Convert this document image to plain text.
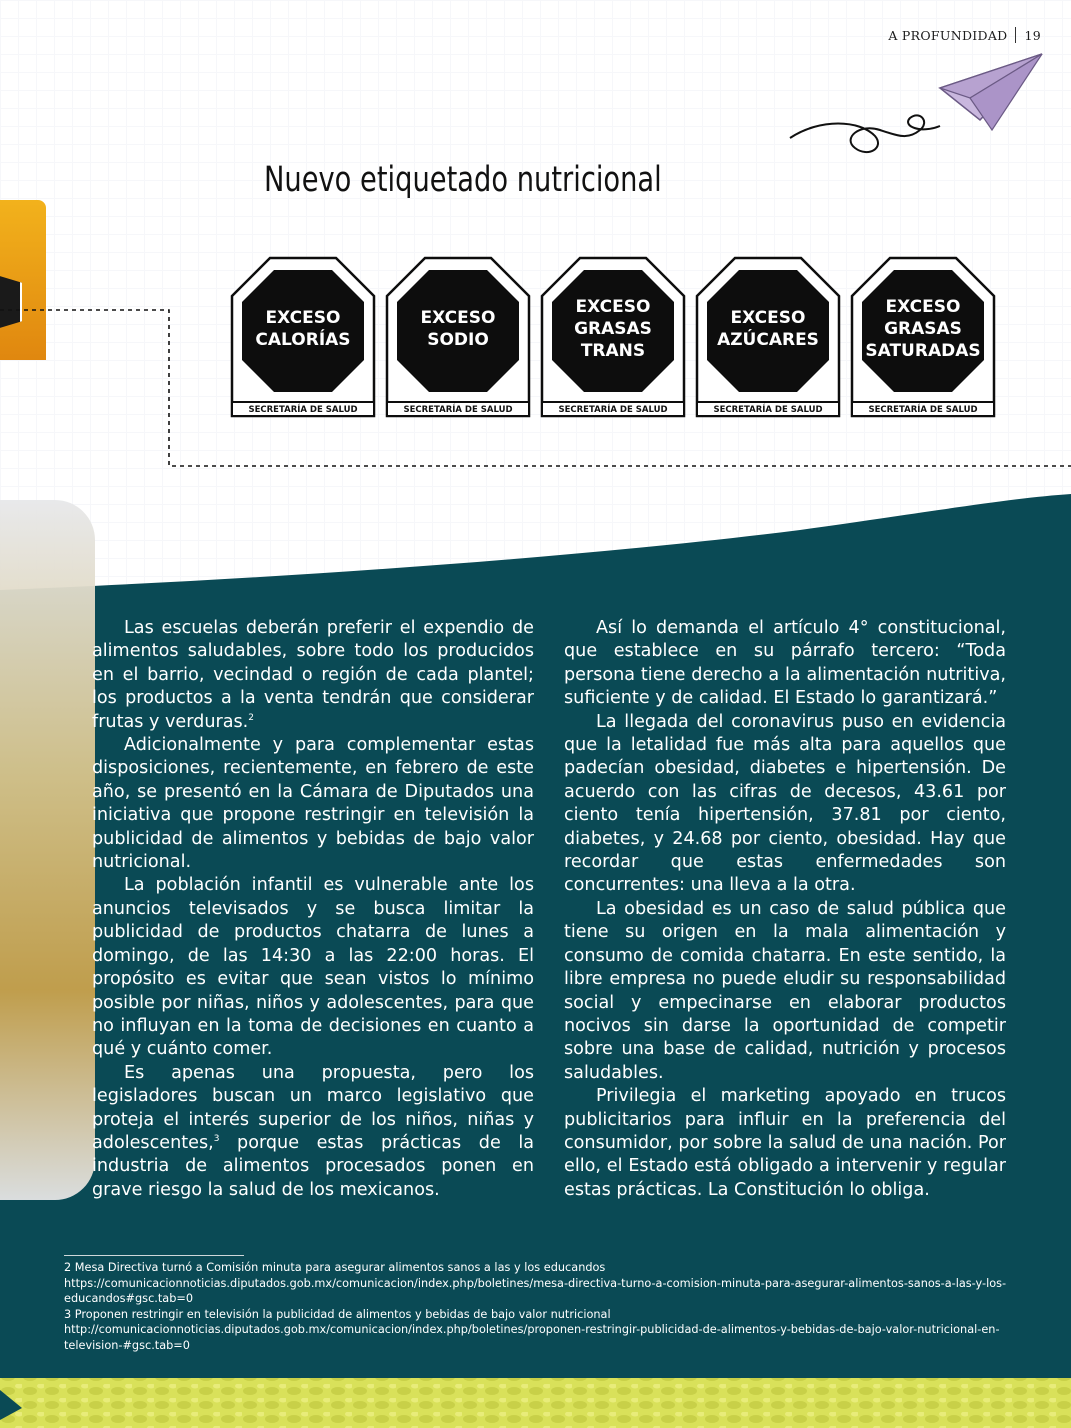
A PROFUNDIDAD 19
Nuevo etiquetado nutricional
EXCESO
CALORÍAS
SECRETARÍA DE SALUD
EXCESO
SODIO
SECRETARÍA DE SALUD
EXCESO
GRASAS
TRANS
SECRETARÍA DE SALUD
EXCESO
AZÚCARES
SECRETARÍA DE SALUD
EXCESO
GRASAS
SATURADAS
SECRETARÍA DE SALUD

Las escuelas deberán preferir el expendio de alimentos saludables, sobre todo los producidos en el barrio, vecindad o región de cada plantel; los productos a la venta tendrán que considerar frutas y verduras.$^2$

Adicionalmente y para complementar estas disposiciones, recientemente, en febrero de este año, se presentó en la Cámara de Diputados una iniciativa que propone restringir en televisión la publicidad de alimentos y bebidas de bajo valor nutricional.

La población infantil es vulnerable ante los anuncios televisados y se busca limitar la publicidad de productos chatarra de lunes a domingo, de las 14:30 a las 22:00 horas. El propósito es evitar que sean vistos lo mínimo posible por niñas, niños y adolescentes, para que no influyan en la toma de decisiones en cuanto a qué y cuánto comer.

Es apenas una propuesta, pero los legisladores buscan un marco legislativo que proteja el interés superior de los niños, niñas y adolescentes,$^3$ porque estas prácticas de la industria de alimentos procesados ponen en grave riesgo la salud de los mexicanos.

Así lo demanda el artículo 4° constitucional, que establece en su párrafo tercero: “Toda persona tiene derecho a la alimentación nutritiva, suficiente y de calidad. El Estado lo garantizará.”

La llegada del coronavirus puso en evidencia que la letalidad fue más alta para aquellos que padecían obesidad, diabetes e hipertensión. De acuerdo con las cifras de decesos, 43.61 por ciento tenía hipertensión, 37.81 por ciento, diabetes, y 24.68 por ciento, obesidad. Hay que recordar que estas enfermedades son concurrentes: una lleva a la otra.

La obesidad es un caso de salud pública que tiene su origen en la mala alimentación y consumo de comida chatarra. En este sentido, la libre empresa no puede eludir su responsabilidad social y empecinarse en elaborar productos nocivos sin darse la oportunidad de competir sobre una base de calidad, nutrición y procesos saludables.

Privilegia el marketing apoyado en trucos publicitarios para influir en la preferencia del consumidor, por sobre la salud de una nación. Por ello, el Estado está obligado a intervenir y regular estas prácticas. La Constitución lo obliga.

2 Mesa Directiva turnó a Comisión minuta para asegurar alimentos sanos a las y los educandos https://comunicacionnoticias.diputados.gob.mx/comunicacion/index.php/boletines/mesa-directiva-turno-a-comision-minuta-para-asegurar-alimentos-sanos-a-las-y-los-educandos#gsc.tab=0

3 Proponen restringir en televisión la publicidad de alimentos y bebidas de bajo valor nutricional http://comunicacionnoticias.diputados.gob.mx/comunicacion/index.php/boletines/proponen-restringir-publicidad-de-alimentos-y-bebidas-de-bajo-valor-nutricional-en-television-#gsc.tab=0
